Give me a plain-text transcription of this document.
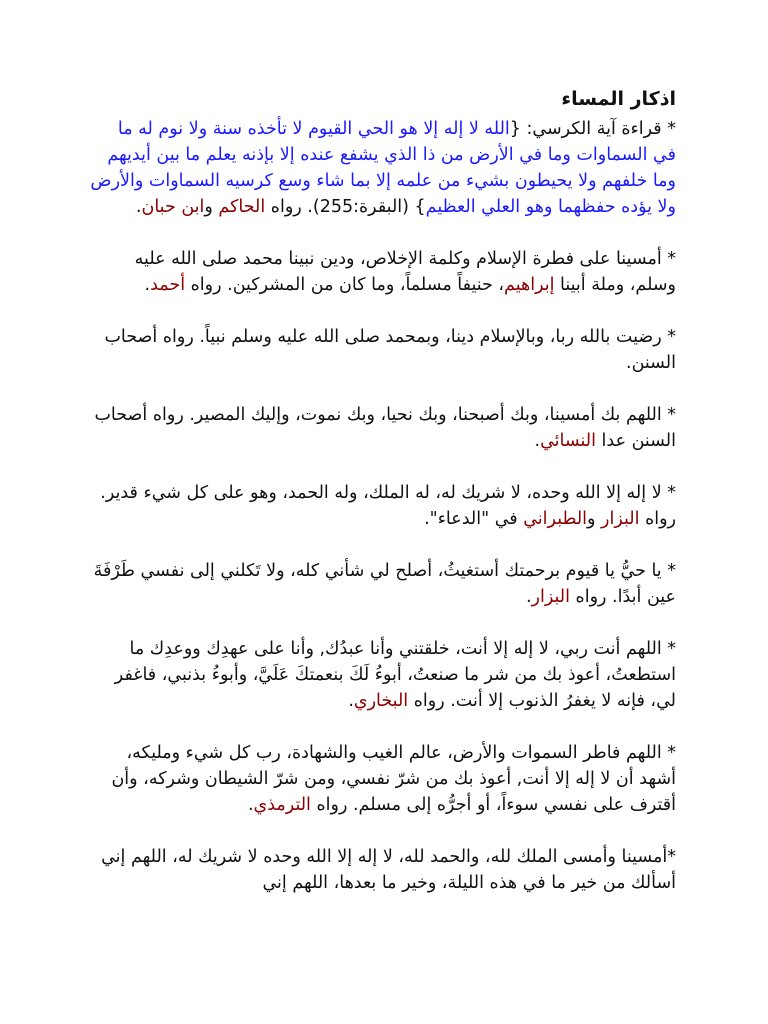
اذكار المساء

* قراءة آية الكرسي: {الله لا إله إلا هو الحي القيوم لا تأخذه سنة ولا نوم له ما في السماوات وما في الأرض من ذا الذي يشفع عنده إلا بإذنه يعلم ما بين أيديهم وما خلفهم ولا يحيطون بشيء من علمه إلا بما شاء وسع كرسيه السماوات والأرض ولا يؤده حفظهما وهو العلي العظيم} (البقرة:255). رواه الحاكم وابن حبان.

* أمسينا على فطرة الإسلام وكلمة الإخلاص، ودين نبينا محمد صلى الله عليه وسلم، وملة أبينا إبراهيم، حنيفاً مسلماً، وما كان من المشركين. رواه أحمد.

* رضيت بالله ربا، وبالإسلام دينا، وبمحمد صلى الله عليه وسلم نبياً. رواه أصحاب السنن.

* اللهم بك أمسينا، وبك أصبحنا، وبك نحيا، وبك نموت، وإليك المصير. رواه أصحاب السنن عدا النسائي.

* لا إله إلا الله وحده، لا شريك له، له الملك، وله الحمد، وهو على كل شيء قدير. رواه البزار والطبراني في "الدعاء".

* يا حيُّ يا قيوم برحمتك أستغيثُ، أصلح لي شأني كله، ولا تَكلني إلى نفسي طَرْفَةَ عين أبدًا. رواه البزار.

* اللهم أنت ربي، لا إله إلا أنت، خلقتني وأنا عبدُك, وأنا على عهدِك ووعدِك ما استطعتُ، أعوذ بك من شر ما صنعتُ، أبوءُ لَكَ بنعمتكَ عَلَيَّ، وأبوءُ بذنبي، فاغفر لي، فإنه لا يغفرُ الذنوب إلا أنت. رواه البخاري.

* اللهم فاطر السموات والأرض، عالم الغيب والشهادة، رب كل شيء ومليكه، أشهد أن لا إله إلا أنت, أعوذ بك من شرّ نفسي، ومن شرّ الشيطان وشركه، وأن أقترف على نفسي سوءاً، أو أجرُّه إلى مسلم. رواه الترمذي.

*أمسينا وأمسى الملك لله، والحمد لله، لا إله إلا الله وحده لا شريك له، اللهم إني أسألك من خير ما في هذه الليلة، وخير ما بعدها، اللهم إني
